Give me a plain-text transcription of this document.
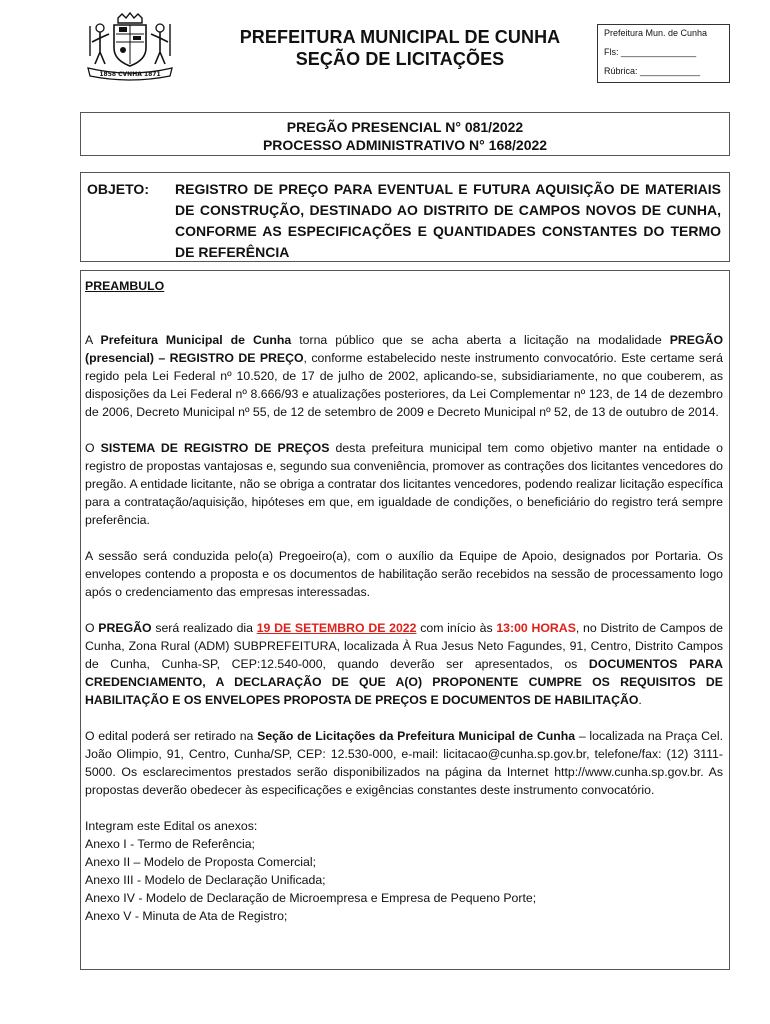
1858 CVNHA 1871
PREFEITURA MUNICIPAL DE CUNHA
SEÇÃO DE LICITAÇÕES
Prefeitura Mun. de Cunha
Fls: _______________
Rúbrica: ____________
PREGÃO PRESENCIAL N° 081/2022
PROCESSO ADMINISTRATIVO N° 168/2022
OBJETO: REGISTRO DE PREÇO PARA EVENTUAL E FUTURA AQUISIÇÃO DE MATERIAIS DE CONSTRUÇÃO, DESTINADO AO DISTRITO DE CAMPOS NOVOS DE CUNHA, CONFORME AS ESPECIFICAÇÕES E QUANTIDADES CONSTANTES DO TERMO DE REFERÊNCIA

PREAMBULO

A Prefeitura Municipal de Cunha torna público que se acha aberta a licitação na modalidade PREGÃO (presencial) – REGISTRO DE PREÇO, conforme estabelecido neste instrumento convocatório. Este certame será regido pela Lei Federal nº 10.520, de 17 de julho de 2002, aplicando-se, subsidiariamente, no que couberem, as disposições da Lei Federal nº 8.666/93 e atualizações posteriores, da Lei Complementar nº 123, de 14 de dezembro de 2006, Decreto Municipal nº 55, de 12 de setembro de 2009 e Decreto Municipal nº 52, de 13 de outubro de 2014.

O SISTEMA DE REGISTRO DE PREÇOS desta prefeitura municipal tem como objetivo manter na entidade o registro de propostas vantajosas e, segundo sua conveniência, promover as contrações dos licitantes vencedores do pregão. A entidade licitante, não se obriga a contratar dos licitantes vencedores, podendo realizar licitação específica para a contratação/aquisição, hipóteses em que, em igualdade de condições, o beneficiário do registro terá sempre preferência.

A sessão será conduzida pelo(a) Pregoeiro(a), com o auxílio da Equipe de Apoio, designados por Portaria. Os envelopes contendo a proposta e os documentos de habilitação serão recebidos na sessão de processamento logo após o credenciamento das empresas interessadas.

O PREGÃO será realizado dia 19 DE SETEMBRO DE 2022 com início às 13:00 HORAS, no Distrito de Campos de Cunha, Zona Rural (ADM) SUBPREFEITURA, localizada À Rua Jesus Neto Fagundes, 91, Centro, Distrito Campos de Cunha, Cunha-SP, CEP:12.540-000, quando deverão ser apresentados, os DOCUMENTOS PARA CREDENCIAMENTO, A DECLARAÇÃO DE QUE A(O) PROPONENTE CUMPRE OS REQUISITOS DE HABILITAÇÃO E OS ENVELOPES PROPOSTA DE PREÇOS E DOCUMENTOS DE HABILITAÇÃO.

O edital poderá ser retirado na Seção de Licitações da Prefeitura Municipal de Cunha – localizada na Praça Cel. João Olimpio, 91, Centro, Cunha/SP, CEP: 12.530-000, e-mail: licitacao@cunha.sp.gov.br, telefone/fax: (12) 3111-5000. Os esclarecimentos prestados serão disponibilizados na página da Internet http://www.cunha.sp.gov.br. As propostas deverão obedecer às especificações e exigências constantes deste instrumento convocatório.

Integram este Edital os anexos:

Anexo I - Termo de Referência;

Anexo II – Modelo de Proposta Comercial;

Anexo III - Modelo de Declaração Unificada;

Anexo IV - Modelo de Declaração de Microempresa e Empresa de Pequeno Porte;

Anexo V - Minuta de Ata de Registro;
